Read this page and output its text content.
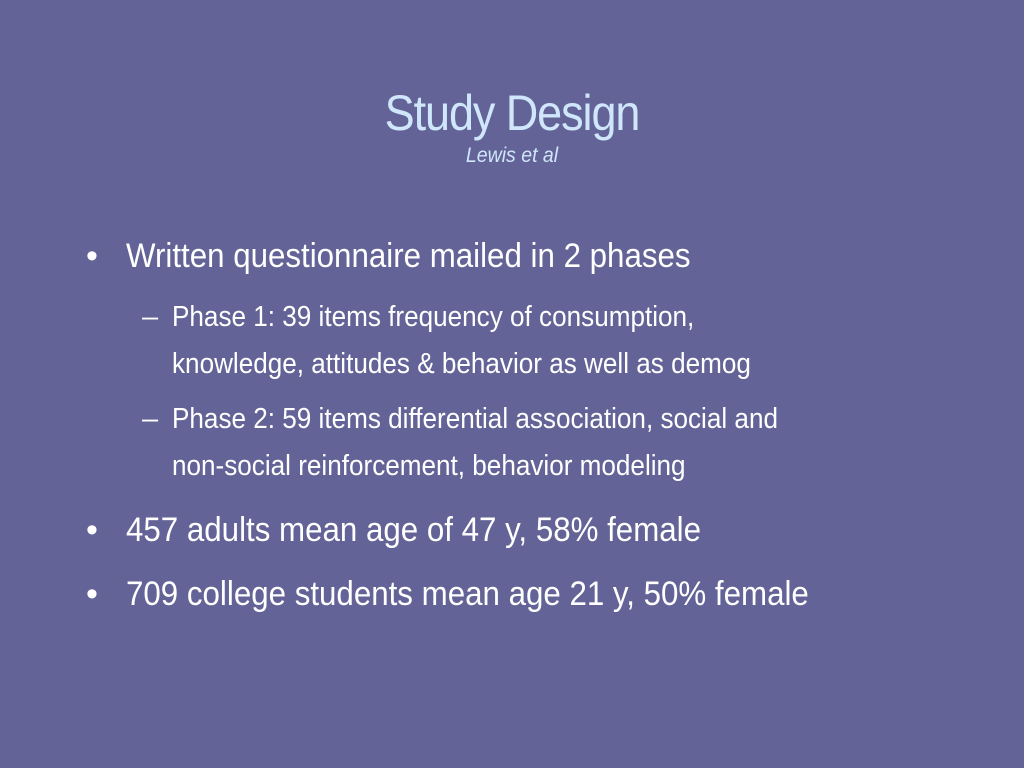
Study Design
Lewis et al
• Written questionnaire mailed in 2 phases
– Phase 1: 39 items frequency of consumption,
knowledge, attitudes & behavior as well as demog
– Phase 2: 59 items differential association, social and
non-social reinforcement, behavior modeling
• 457 adults mean age of 47 y, 58% female
• 709 college students mean age 21 y, 50% female
